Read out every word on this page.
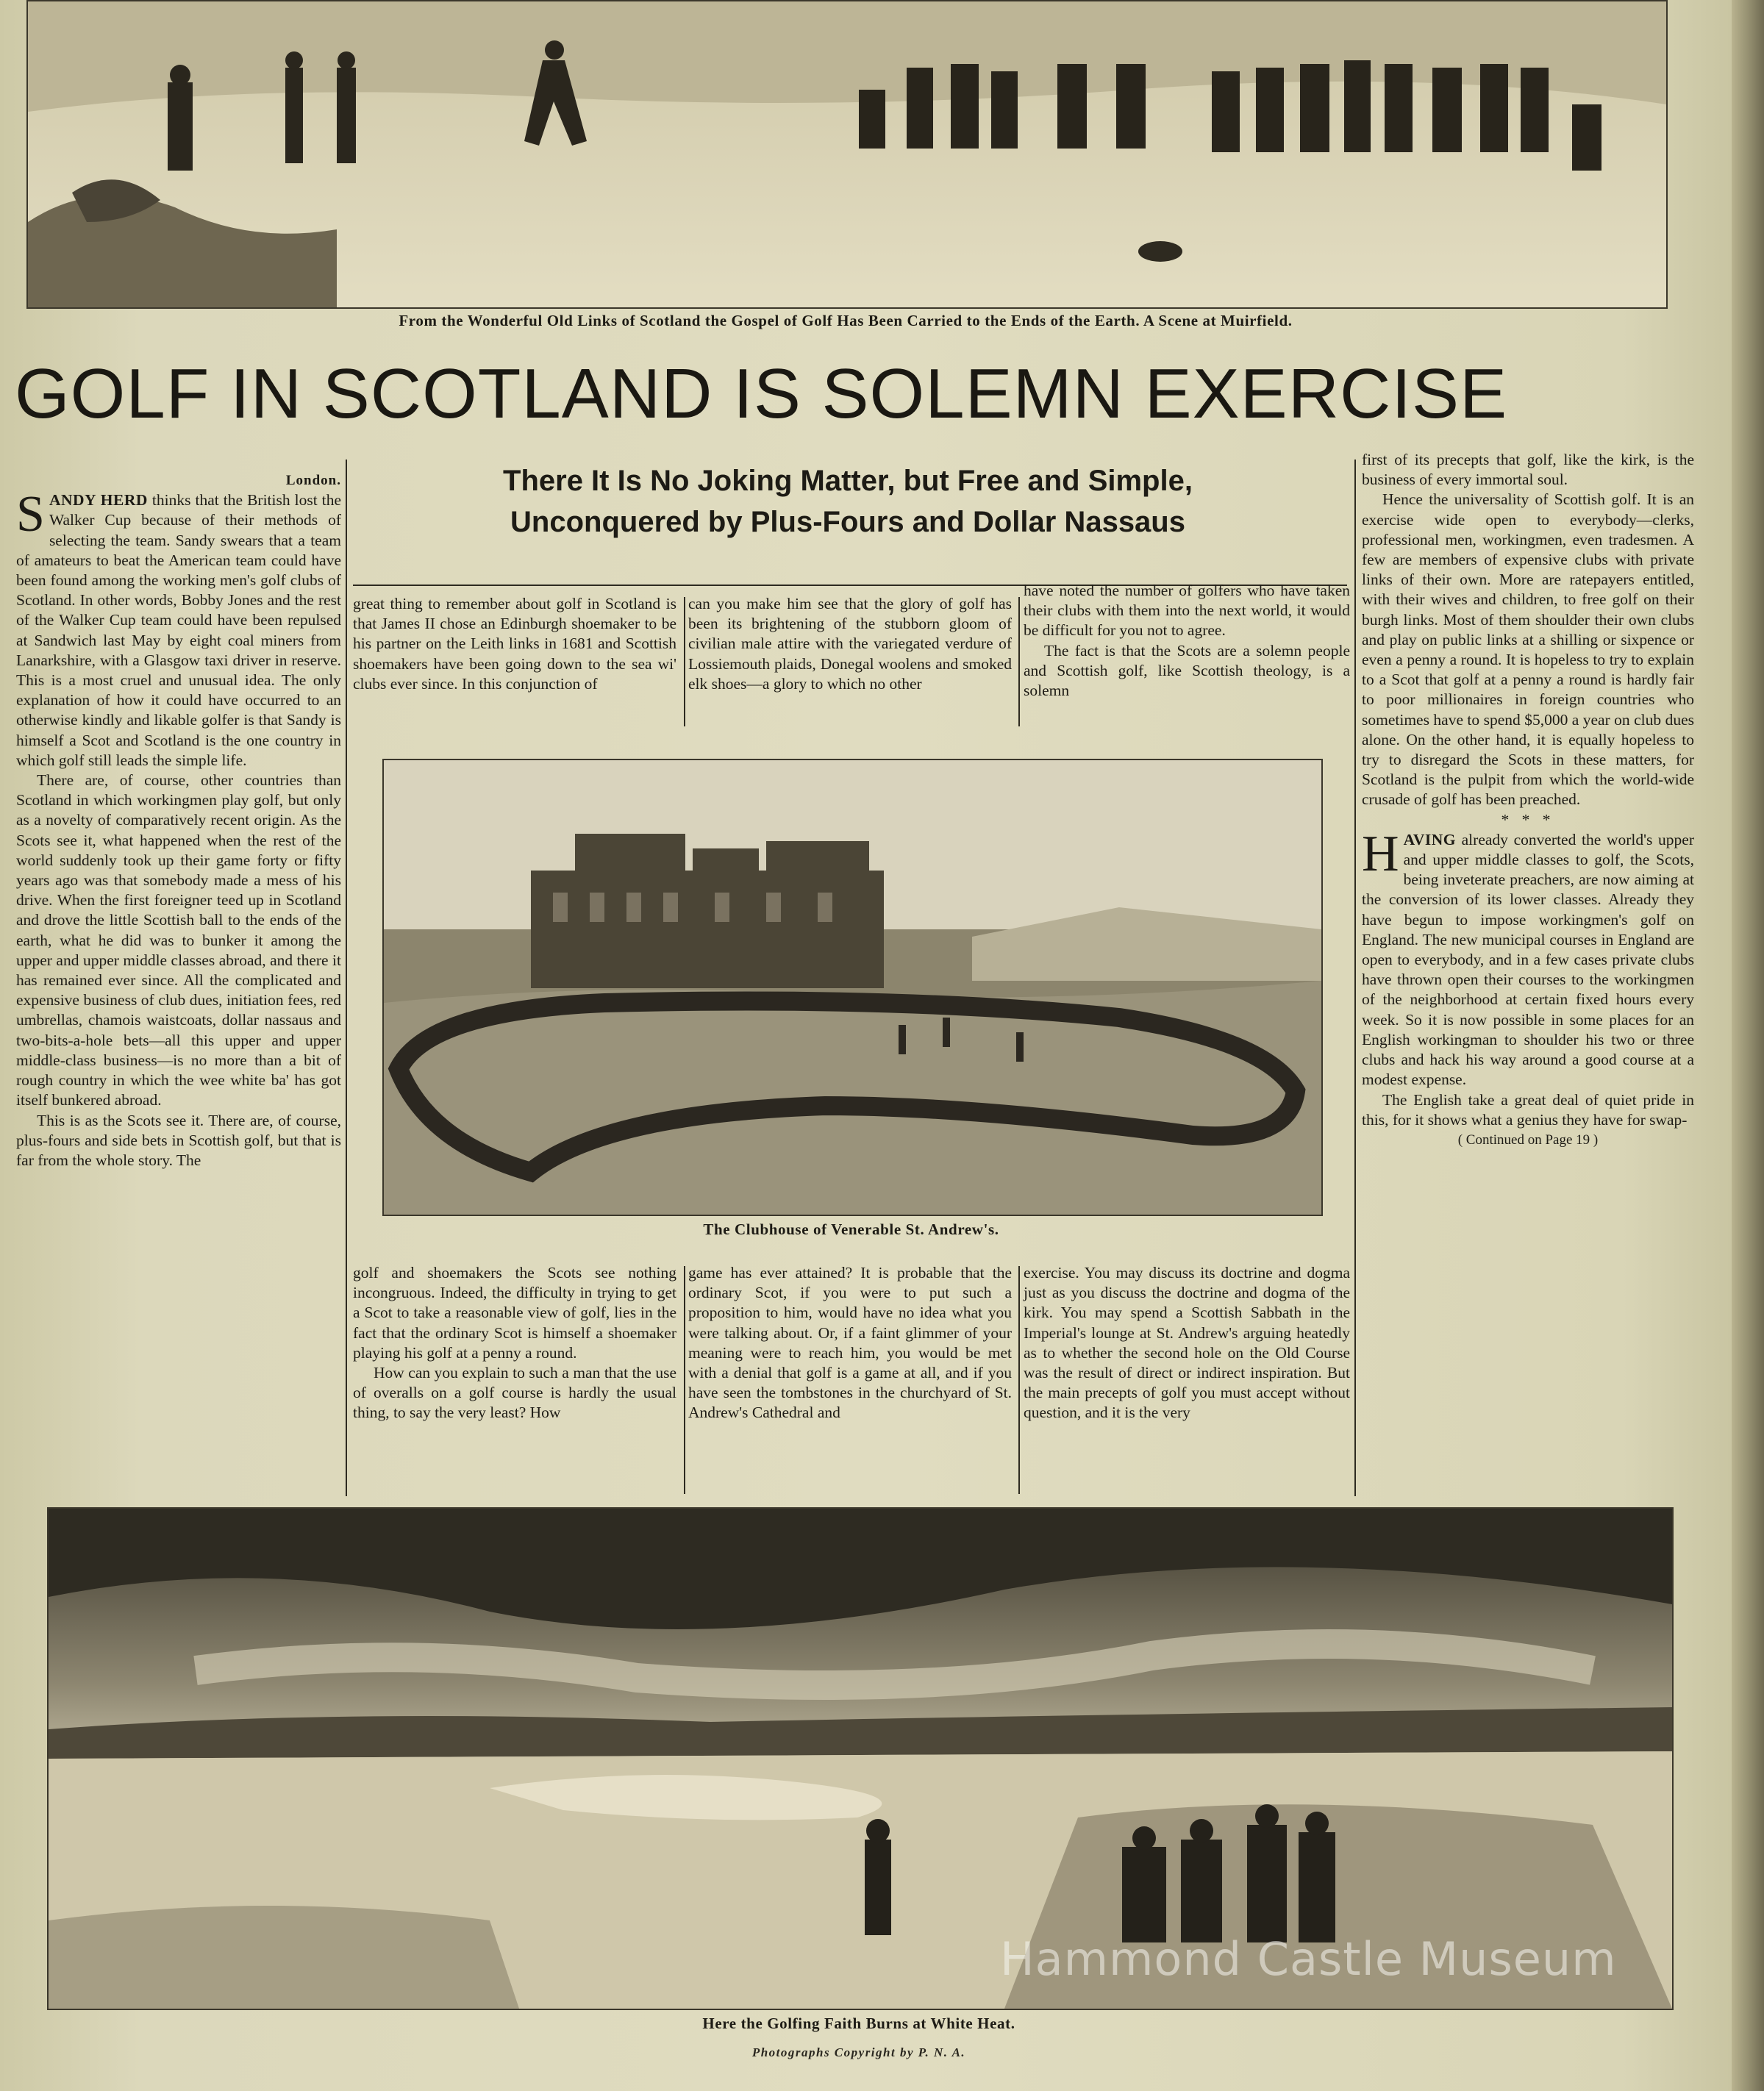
From the Wonderful Old Links of Scotland the Gospel of Golf Has Been Carried to the Ends of the Earth. A Scene at Muirfield.
GOLF IN SCOTLAND IS SOLEMN EXERCISE
There It Is No Joking Matter, but Free and Simple,
Unconquered by Plus-Fours and Dollar Nassaus

London.

SANDY HERD thinks that the British lost the Walker Cup because of their methods of selecting the team. Sandy swears that a team of amateurs to beat the American team could have been found among the working men's golf clubs of Scotland. In other words, Bobby Jones and the rest of the Walker Cup team could have been repulsed at Sandwich last May by eight coal miners from Lanarkshire, with a Glasgow taxi driver in reserve. This is a most cruel and unusual idea. The only explanation of how it could have occurred to an otherwise kindly and likable golfer is that Sandy is himself a Scot and Scotland is the one country in which golf still leads the simple life.

There are, of course, other countries than Scotland in which workingmen play golf, but only as a novelty of comparatively recent origin. As the Scots see it, what happened when the rest of the world suddenly took up their game forty or fifty years ago was that somebody made a mess of his drive. When the first foreigner teed up in Scotland and drove the little Scottish ball to the ends of the earth, what he did was to bunker it among the upper and upper middle classes abroad, and there it has remained ever since. All the complicated and expensive business of club dues, initiation fees, red umbrellas, chamois waistcoats, dollar nassaus and two-bits-a-hole bets—all this upper and upper middle-class business—is no more than a bit of rough country in which the wee white ba' has got itself bunkered abroad.

This is as the Scots see it. There are, of course, plus-fours and side bets in Scottish golf, but that is far from the whole story. The

great thing to remember about golf in Scotland is that James II chose an Edinburgh shoemaker to be his partner on the Leith links in 1681 and Scottish shoemakers have been going down to the sea wi' clubs ever since. In this conjunction of

can you make him see that the glory of golf has been its brightening of the stubborn gloom of civilian male attire with the variegated verdure of Lossiemouth plaids, Donegal woolens and smoked elk shoes—a glory to which no other

have noted the number of golfers who have taken their clubs with them into the next world, it would be difficult for you not to agree.

The fact is that the Scots are a solemn people and Scottish golf, like Scottish theology, is a solemn

The Clubhouse of Venerable St. Andrew's.

golf and shoemakers the Scots see nothing incongruous. Indeed, the difficulty in trying to get a Scot to take a reasonable view of golf, lies in the fact that the ordinary Scot is himself a shoemaker playing his golf at a penny a round.

How can you explain to such a man that the use of overalls on a golf course is hardly the usual thing, to say the very least? How

game has ever attained? It is probable that the ordinary Scot, if you were to put such a proposition to him, would have no idea what you were talking about. Or, if a faint glimmer of your meaning were to reach him, you would be met with a denial that golf is a game at all, and if you have seen the tombstones in the churchyard of St. Andrew's Cathedral and

exercise. You may discuss its doctrine and dogma just as you discuss the doctrine and dogma of the kirk. You may spend a Scottish Sabbath in the Imperial's lounge at St. Andrew's arguing heatedly as to whether the second hole on the Old Course was the result of direct or indirect inspiration. But the main precepts of golf you must accept without question, and it is the very

first of its precepts that golf, like the kirk, is the business of every immortal soul.

Hence the universality of Scottish golf. It is an exercise wide open to everybody—clerks, professional men, workingmen, even tradesmen. A few are members of expensive clubs with private links of their own. More are ratepayers entitled, with their wives and children, to free golf on their burgh links. Most of them shoulder their own clubs and play on public links at a shilling or sixpence or even a penny a round. It is hopeless to try to explain to a Scot that golf at a penny a round is hardly fair to poor millionaires in foreign countries who sometimes have to spend $5,000 a year on club dues alone. On the other hand, it is equally hopeless to try to disregard the Scots in these matters, for Scotland is the pulpit from which the world-wide crusade of golf has been preached.

* * *

HAVING already converted the world's upper and upper middle classes to golf, the Scots, being inveterate preachers, are now aiming at the conversion of its lower classes. Already they have begun to impose workingmen's golf on England. The new municipal courses in England are open to everybody, and in a few cases private clubs have thrown open their courses to the workingmen of the neighborhood at certain fixed hours every week. So it is now possible in some places for an English workingman to shoulder his two or three clubs and hack his way around a good course at a modest expense.

The English take a great deal of quiet pride in this, for it shows what a genius they have for swap-

( Continued on Page 19 )

Here the Golfing Faith Burns at White Heat.
Photographs Copyright by P. N. A.
Hammond Castle Museum
